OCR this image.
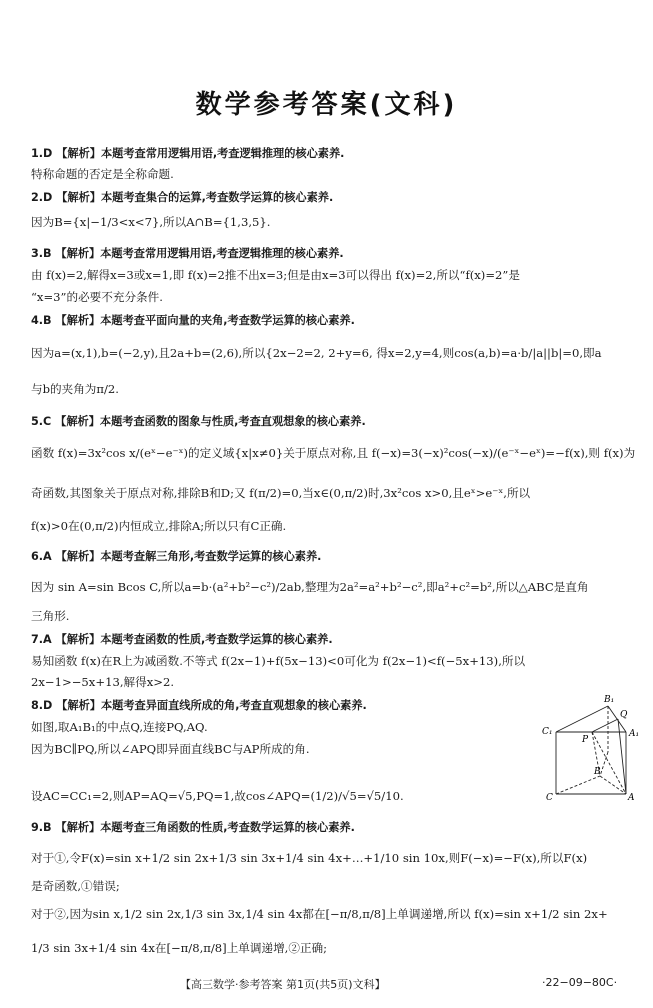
数学参考答案(文科)
1.D 【解析】本题考查常用逻辑用语,考查逻辑推理的核心素养.
特称命题的否定是全称命题.
2.D 【解析】本题考查集合的运算,考查数学运算的核心素养.
因为B={x|−1/3<x<7},所以A∩B={1,3,5}.
3.B 【解析】本题考查常用逻辑用语,考查逻辑推理的核心素养.
由 f(x)=2,解得x=3或x=1,即 f(x)=2推不出x=3;但是由x=3可以得出 f(x)=2,所以“f(x)=2”是
“x=3”的必要不充分条件.
4.B 【解析】本题考查平面向量的夹角,考查数学运算的核心素养.
因为a=(x,1),b=(−2,y),且2a+b=(2,6),所以{2x−2=2, 2+y=6, 得x=2,y=4,则cos(a,b)=a·b/|a||b|=0,即a
与b的夹角为π/2.
5.C 【解析】本题考查函数的图象与性质,考查直观想象的核心素养.
函数 f(x)=3x²cos x/(eˣ−e⁻ˣ)的定义域{x|x≠0}关于原点对称,且 f(−x)=3(−x)²cos(−x)/(e⁻ˣ−eˣ)=−f(x),则 f(x)为
奇函数,其图象关于原点对称,排除B和D;又 f(π/2)=0,当x∈(0,π/2)时,3x²cos x>0,且eˣ>e⁻ˣ,所以
f(x)>0在(0,π/2)内恒成立,排除A;所以只有C正确.
6.A 【解析】本题考查解三角形,考查数学运算的核心素养.
因为 sin A=sin Bcos C,所以a=b·(a²+b²−c²)/2ab,整理为2a²=a²+b²−c²,即a²+c²=b²,所以△ABC是直角
三角形.
7.A 【解析】本题考查函数的性质,考查数学运算的核心素养.
易知函数 f(x)在R上为减函数.不等式 f(2x−1)+f(5x−13)<0可化为 f(2x−1)<f(−5x+13),所以
2x−1>−5x+13,解得x>2.
8.D 【解析】本题考查异面直线所成的角,考查直观想象的核心素养.
如图,取A₁B₁的中点Q,连接PQ,AQ.
因为BC∥PQ,所以∠APQ即异面直线BC与AP所成的角.
设AC=CC₁=2,则AP=AQ=√5,PQ=1,故cos∠APQ=(1/2)/√5=√5/10.
9.B 【解析】本题考查三角函数的性质,考查数学运算的核心素养.
对于①,令F(x)=sin x+1/2 sin 2x+1/3 sin 3x+1/4 sin 4x+…+1/10 sin 10x,则F(−x)=−F(x),所以F(x)
是奇函数,①错误;
对于②,因为sin x,1/2 sin 2x,1/3 sin 3x,1/4 sin 4x都在[−π/8,π/8]上单调递增,所以 f(x)=sin x+1/2 sin 2x+
1/3 sin 3x+1/4 sin 4x在[−π/8,π/8]上单调递增,②正确;
B₁
Q
C₁
P
A₁
B
C	A
【高三数学·参考答案 第1页(共5页)文科】	·22−09−80C·
